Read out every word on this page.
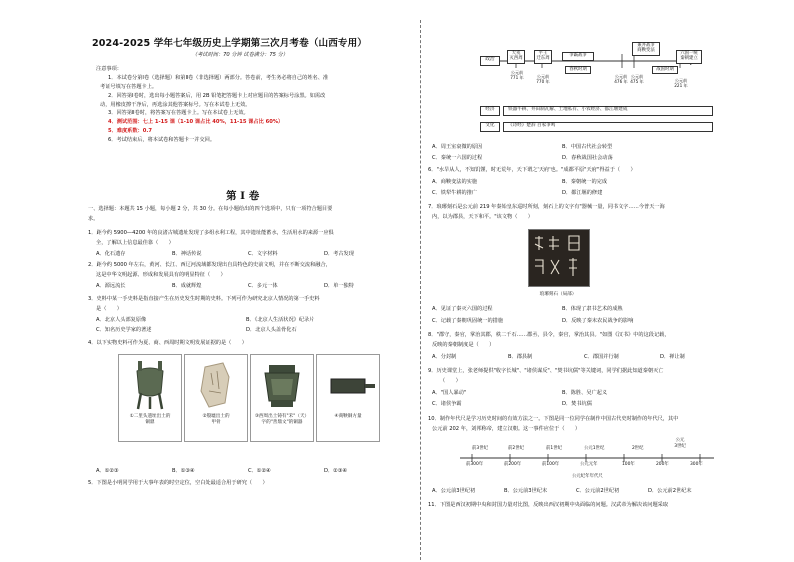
2024-2025 学年七年级历史上学期第三次月考卷（山西专用）
（考试时间：70 分钟 试卷满分：75 分）

注意事项：

1．本试卷分第Ⅰ卷（选择题）和第Ⅱ卷（非选择题）两部分。答卷前，考生务必将自己的姓名、准

考证号填写在答题卡上。

2．回答第Ⅰ卷时，选出每小题答案后，用 2B 铅笔把答题卡上对应题目的答案标号涂黑。如需改

动，用橡皮擦干净后，再选涂其他答案标号。写在本试卷上无效。

3．回答第Ⅱ卷时，将答案写在答题卡上。写在本试卷上无效。

4．测试范围：七上 1-15 课（1-10 课占比 40%，11-15 课占比 60%）

5．难度系数：0.7

6．考试结束后，将本试卷和答题卡一并交回。

第 I 卷
一、选择题：本题共 15 小题，每小题 2 分，共 30 分。在每小题给出的四个选项中，只有一项符合题目要
求。
1．距今约 5900—4200 年的良渚古城遗址发现了多组水利工程，其中遗址能蓄水，生活用水的来源一应俱
全，了解以上信息最佳靠（　　）
A．化石遗存	B．神话传说	C．文字材料	D．考古发现
2．距今约 5000 年左右，黄河、长江、西辽河流域都发现出自具特色的史前文明，并在不断交流和融合，
这是中华文明起源、形成和发展具有的明显特征（　　）
A．源远流长	B．成就辉煌	C．多元一体	D．单一独特
3．史料中某一手史料是指直接产生在历史发生时期的史料。下列可作为研究北京人情况的第一手史料
是（　　）
A．北京人头部复原像	B．《北京人生活状况》纪录片
C．知名历史学家的著述	D．北京人头盖骨化石
4．以下实物史料可作为夏、商、西周时期文明发展证据的是（　　）
①二里头遗址出土的
铜鼎
②殷墟出土的
甲骨
③西周出土铸有"禾"（天）
字的"善鼎文"的铜器
④商鞅铜方量
A．①②③	B．①③④	C．①②④	D．②③④
5．下图是小明同学用于大事年表的时空定位，空白处最适合用于研究（　　）
政治
大戎
灭西周
平王
迁东周
争霸战争
春秋时期
兼并战争
商鞅变法
六国一统
秦朝建立
战国时期
公元前
771 年	公元前
770 年
公元前
476 年
公元前
475 年	公元前
221 年
经济	铁器牛耕、井田制瓦解、土地私有、小农经济、都江堰建成
文化	《诗经》楚辞 百家争鸣
A．周王室衰微的原因	B．中国古代社会转型
C．秦统一六国的过程	D．春秋战国社会动荡
6．"水旱从人，不知饥馑，时无荒年，天下谓之'天府'也。"成都平原"天府"得益于（　　）
A．商鞅变法的实施	B．秦朝统一的完成
C．铁犁牛耕的推广	D．都江堰的修建
7．琅琊刻石是公元前 219 年秦始皇东巡时所刻，刻石上的文字有"器械一量，同书文字……今普天一海
内，以为郡县，天下和平。"该文物（　　）
琅琊刻石（局部）
A．见证了秦灭六国的过程	B．体现了隶书艺术的成熟
C．记载了秦朝巩固统一的措施	D．反映了秦末农民战争的影响
8．"郡守，秦官，掌治其郡，秩二千石……郡丞，县令，秦官，掌治其县。"如图《汉书》中的这段记载，
反映的秦朝制度是（　　）
A．分封制	B．郡县制	C．郡国并行制	D．禅让制
9．历史课堂上，张老师提供"收字长城"、"诸侯谋反"、"焚书坑儒"等关键词，同学们据此知道秦朝灭亡
（　　）
A．"国人暴动"	B．陈胜、吴广起义
C．诸侯争霸	D．焚书坑儒
10．制作年代尺是学习历史时间的有效方法之一。下图是同一位同学在制作中国古代史时制作的年代尺，其中
公元前 202 年，刘邦称帝，建立汉朝。这一事件应位于（　　）
前3世纪	前2世纪	前1世纪	公元1世纪	2世纪
公元
3世纪
前300年	前200年	前100年	公元元年	100年	200年	300年
公元纪年年代尺
A．公元前3世纪初	B．公元前3世纪末	C．公元前2世纪初	D．公元前2世纪末
11．下图是西汉初期中央和封国力量对比图，反映出西汉初期中央面临的问题。汉武帝为解决该问题采取
